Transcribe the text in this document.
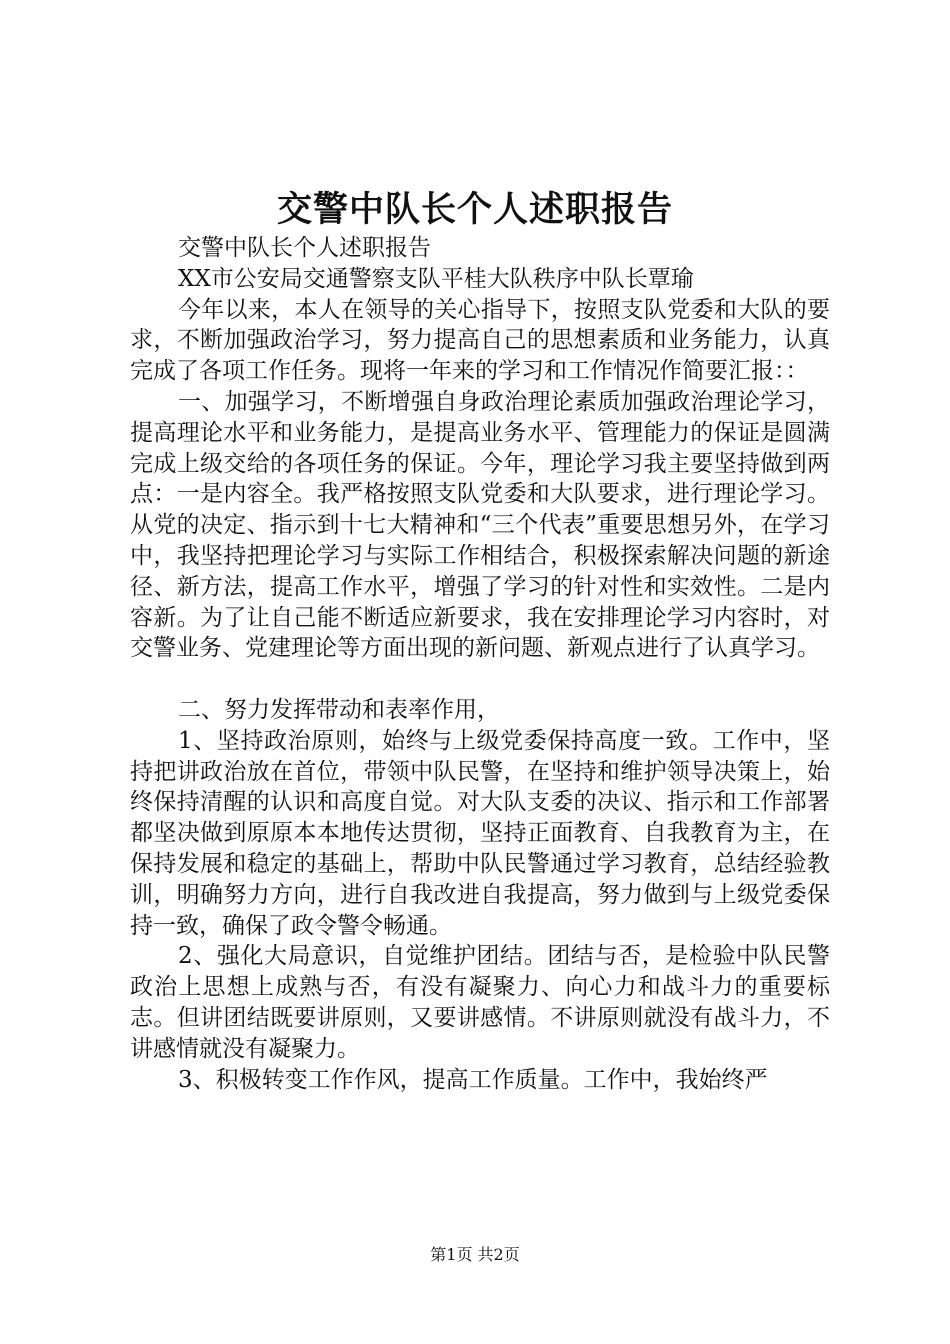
交警中队长个人述职报告

交警中队长个人述职报告

XX市公安局交通警察支队平桂大队秩序中队长覃瑜

今年以来，本人在领导的关心指导下，按照支队党委和大队的要求，不断加强政治学习，努力提高自己的思想素质和业务能力，认真完成了各项工作任务。现将一年来的学习和工作情况作简要汇报：：

一、加强学习，不断增强自身政治理论素质加强政治理论学习，提高理论水平和业务能力，是提高业务水平、管理能力的保证是圆满完成上级交给的各项任务的保证。今年，理论学习我主要坚持做到两点：一是内容全。我严格按照支队党委和大队要求，进行理论学习。从党的决定、指示到十七大精神和“三个代表”重要思想另外，在学习中，我坚持把理论学习与实际工作相结合，积极探索解决问题的新途径、新方法，提高工作水平，增强了学习的针对性和实效性。二是内容新。为了让自己能不断适应新要求，我在安排理论学习内容时，对交警业务、党建理论等方面出现的新问题、新观点进行了认真学习。

二、努力发挥带动和表率作用，

1、坚持政治原则，始终与上级党委保持高度一致。工作中，坚持把讲政治放在首位，带领中队民警，在坚持和维护领导决策上，始终保持清醒的认识和高度自觉。对大队支委的决议、指示和工作部署都坚决做到原原本本地传达贯彻，坚持正面教育、自我教育为主，在保持发展和稳定的基础上，帮助中队民警通过学习教育，总结经验教训，明确努力方向，进行自我改进自我提高，努力做到与上级党委保持一致，确保了政令警令畅通。

2、强化大局意识，自觉维护团结。团结与否，是检验中队民警政治上思想上成熟与否，有没有凝聚力、向心力和战斗力的重要标志。但讲团结既要讲原则，又要讲感情。不讲原则就没有战斗力，不讲感情就没有凝聚力。

3、积极转变工作作风，提高工作质量。工作中，我始终严

第1页 共2页
